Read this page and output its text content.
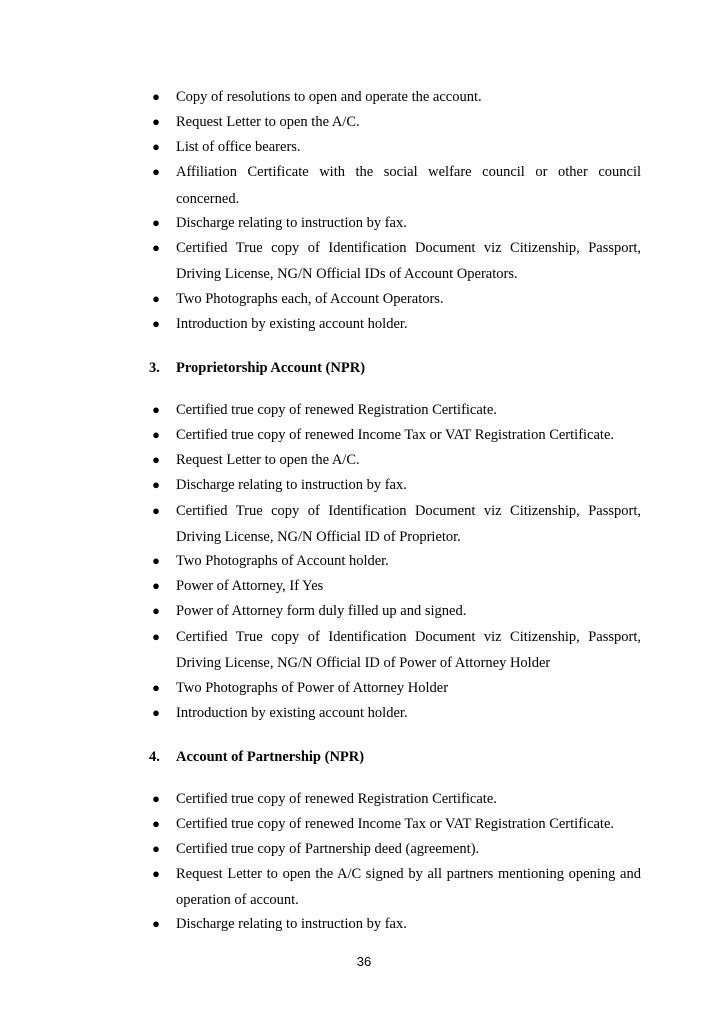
● Copy of resolutions to open and operate the account.
● Request Letter to open the A/C.
● List of office bearers.
● Affiliation Certificate with the social welfare council or other council
concerned.
● Discharge relating to instruction by fax.
● Certified True copy of Identification Document viz Citizenship, Passport,
Driving License, NG/N Official IDs of Account Operators.
● Two Photographs each, of Account Operators.
● Introduction by existing account holder.
3. Proprietorship Account (NPR)
● Certified true copy of renewed Registration Certificate.
● Certified true copy of renewed Income Tax or VAT Registration Certificate.
● Request Letter to open the A/C.
● Discharge relating to instruction by fax.
● Certified True copy of Identification Document viz Citizenship, Passport,
Driving License, NG/N Official ID of Proprietor.
● Two Photographs of Account holder.
● Power of Attorney, If Yes
● Power of Attorney form duly filled up and signed.
● Certified True copy of Identification Document viz Citizenship, Passport,
Driving License, NG/N Official ID of Power of Attorney Holder
● Two Photographs of Power of Attorney Holder
● Introduction by existing account holder.
4. Account of Partnership (NPR)
● Certified true copy of renewed Registration Certificate.
● Certified true copy of renewed Income Tax or VAT Registration Certificate.
● Certified true copy of Partnership deed (agreement).
● Request Letter to open the A/C signed by all partners mentioning opening and
operation of account.
● Discharge relating to instruction by fax.
36
